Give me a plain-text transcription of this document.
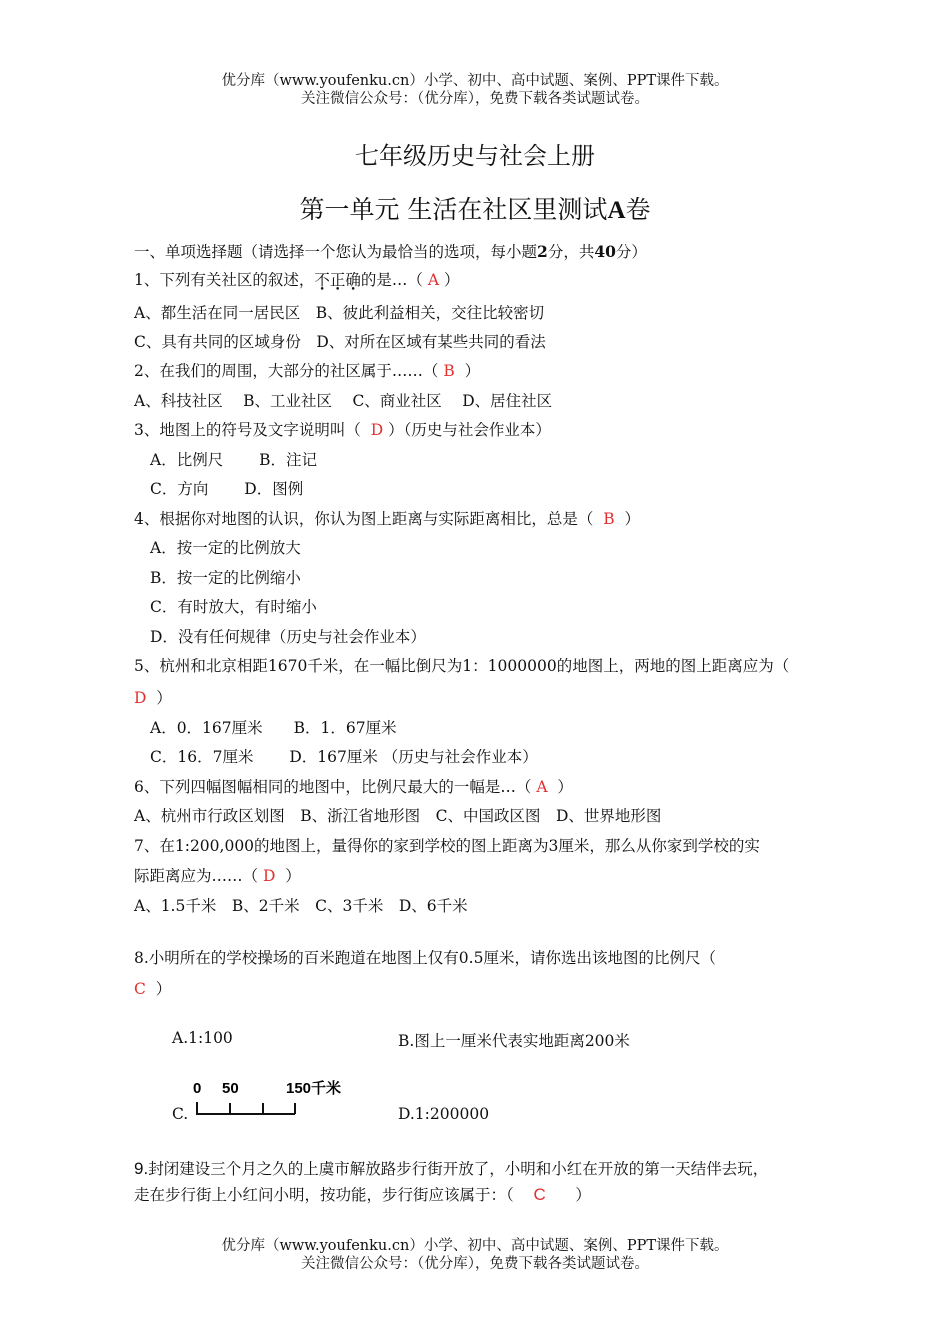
优分库（www.youfenku.cn）小学、初中、高中试题、案例、PPT课件下载。
关注微信公众号：（优分库），免费下载各类试题试卷。
七年级历史与社会上册
第一单元 生活在社区里测试A卷
一、单项选择题（请选择一个您认为最恰当的选项，每小题2分，共40分）
1、下列有关社区的叙述，不正确的是…（ A ）
A、都生活在同一居民区　B、彼此利益相关，交往比较密切
C、具有共同的区域身份　D、对所在区域有某些共同的看法
2、在我们的周围，大部分的社区属于……（ B ）
A、科技社区　 B、工业社区　 C、商业社区　 D、居住社区
3、地图上的符号及文字说明叫（ D ）（历史与社会作业本）
A．比例尺　　 B．注记
C．方向　　 D．图例
4、根据你对地图的认识，你认为图上距离与实际距离相比，总是（ B ）
A．按一定的比例放大
B．按一定的比例缩小
C．有时放大，有时缩小
D．没有任何规律（历史与社会作业本）
5、杭州和北京相距1670千米，在一幅比倒尺为1：1000000的地图上，两地的图上距离应为（
D ）
A．0．167厘米　　B．1．67厘米
C．16．7厘米　　 D．167厘米 （历史与社会作业本）
6、下列四幅图幅相同的地图中，比例尺最大的一幅是…（ A ）
A、杭州市行政区划图　B、浙江省地形图　C、中国政区图　D、世界地形图
7、在1:200,000的地图上，量得你的家到学校的图上距离为3厘米，那么从你家到学校的实
际距离应为……（ D ）
A、1.5千米　B、2千米　C、3千米　D、6千米
8.小明所在的学校操场的百米跑道在地图上仅有0.5厘米，请你选出该地图的比例尺（
C ）
A.1:100	B.图上一厘米代表实地距离200米
C.
0 50	150千米
D.1:200000
9.封闭建设三个月之久的上虞市解放路步行街开放了，小明和小红在开放的第一天结伴去玩，
走在步行街上小红问小明，按功能，步行街应该属于：（ C ）
优分库（www.youfenku.cn）小学、初中、高中试题、案例、PPT课件下载。
关注微信公众号：（优分库），免费下载各类试题试卷。
